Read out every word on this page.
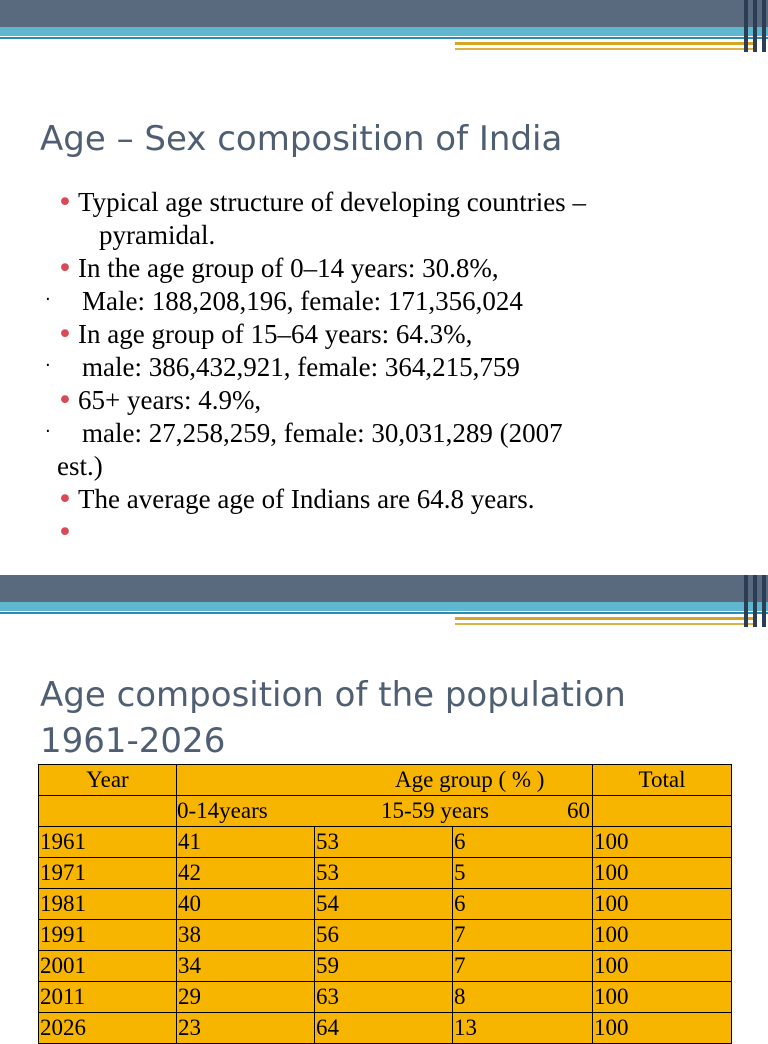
Age – Sex composition of India
• Typical age structure of developing countries –
pyramidal.
• In the age group of 0–14 years: 30.8%,
·	Male: 188,208,196, female: 171,356,024
• In age group of 15–64 years: 64.3%,
·	male: 386,432,921, female: 364,215,759
• 65+ years: 4.9%,
·	male: 27,258,259, female: 30,031,289 (2007
est.)
• The average age of Indians are 64.8 years.
•
Age composition of the population
1961-2026
Year	Age group ( % )			Total

	0-14years 15-59 years 60			

1961	41	53	6	100
1971	42	53	5	100
1981	40	54	6	100
1991	38	56	7	100
2001	34	59	7	100
2011	29	63	8	100
2026	23	64	13	100
